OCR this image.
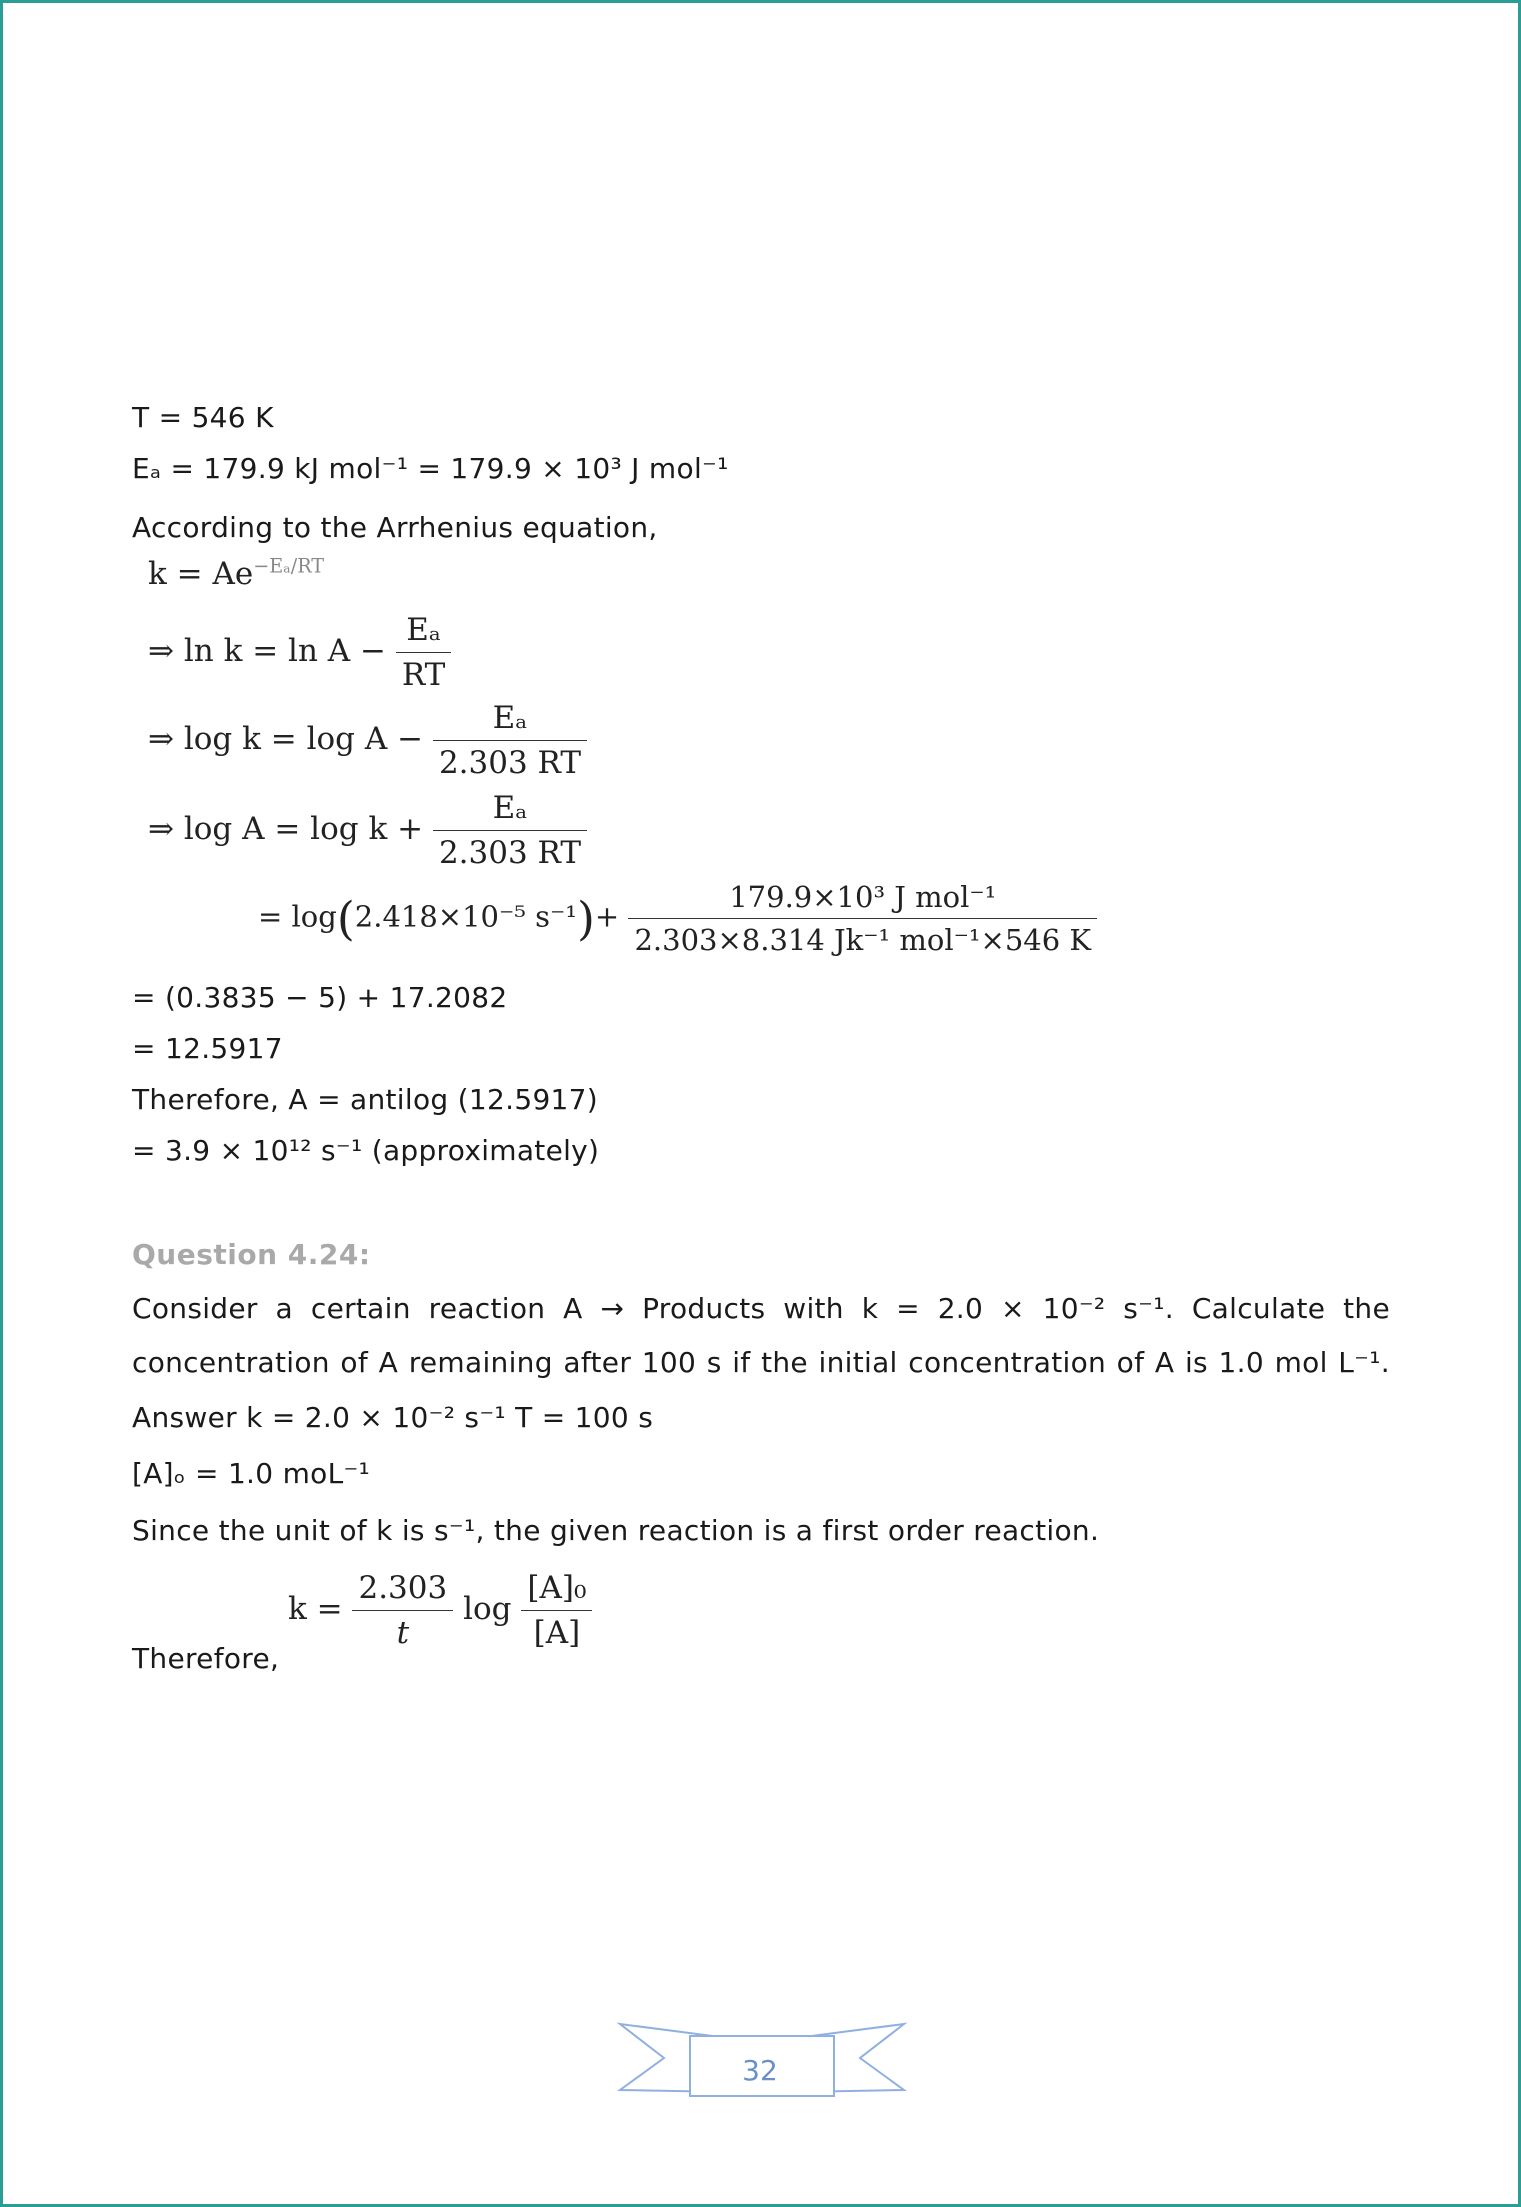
T = 546 K
Eₐ = 179.9 kJ mol⁻¹ = 179.9 × 10³ J mol⁻¹
According to the Arrhenius equation,
$k = Ae^{-E_a/RT}$
⇒ $\ln k = \ln A - \frac{\text{Eₐ}}{RT}$
⇒ $\log k = \log A - \frac{\text{Eₐ}}{2.303 RT}$
⇒ $\log A = \log k + \frac{\text{Eₐ}}{2.303 RT}$
= log(2.418×10⁻⁵ $s^{-1})+ \frac{\text{179.9×10³ J mol⁻¹}}{\text{2.303×8.314 Jk⁻¹ mol⁻¹×546 K}}$
= (0.3835 − 5) + 17.2082
= 12.5917
Therefore, A = antilog (12.5917)
= 3.9 × 10¹² s⁻¹ (approximately)
Question 4.24:
Consider a certain reaction A → Products with k = 2.0 × 10⁻² s⁻¹. Calculate the
concentration of A remaining after 100 s if the initial concentration of A is 1.0 mol L⁻¹.
Answer k = 2.0 × 10⁻² s⁻¹ T = 100 s
[A]ₒ = 1.0 moL⁻¹
Since the unit of k is s⁻¹, the given reaction is a first order reaction.
Therefore,
$k = \frac{2.303}{t}$ $\log \frac{\text{[A]₀}}{[A]}$
32
